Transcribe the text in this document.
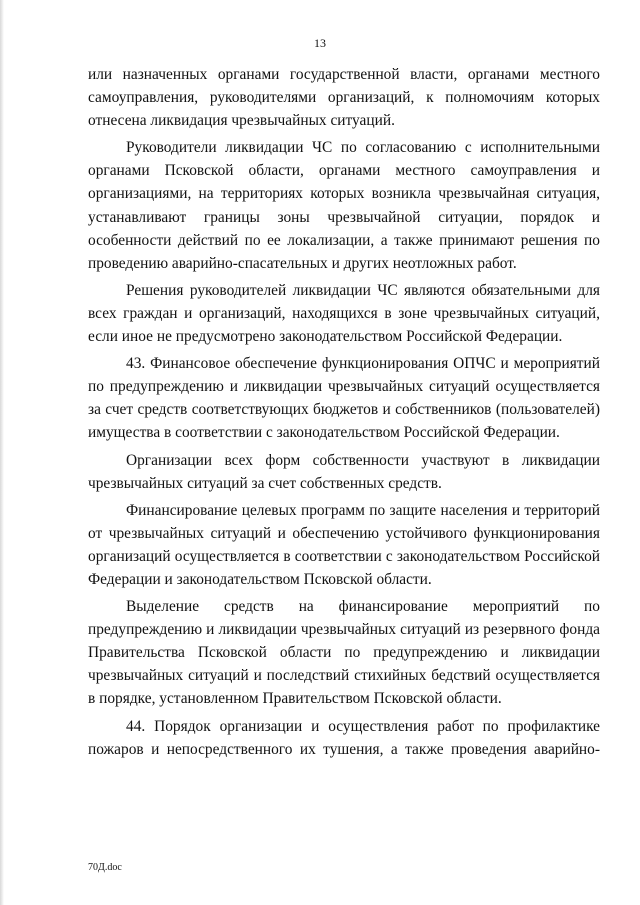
13

или назначенных органами государственной власти, органами местного самоуправления, руководителями организаций, к полномочиям которых отнесена ликвидация чрезвычайных ситуаций.

Руководители ликвидации ЧС по согласованию с исполнительными органами Псковской области, органами местного самоуправления и организациями, на территориях которых возникла чрезвычайная ситуация, устанавливают границы зоны чрезвычайной ситуации, порядок и особенности действий по ее локализации, а также принимают решения по проведению аварийно-спасательных и других неотложных работ.

Решения руководителей ликвидации ЧС являются обязательными для всех граждан и организаций, находящихся в зоне чрезвычайных ситуаций, если иное не предусмотрено законодательством Российской Федерации.

43. Финансовое обеспечение функционирования ОПЧС и мероприятий по предупреждению и ликвидации чрезвычайных ситуаций осуществляется за счет средств соответствующих бюджетов и собственников (пользователей) имущества в соответствии с законодательством Российской Федерации.

Организации всех форм собственности участвуют в ликвидации чрезвычайных ситуаций за счет собственных средств.

Финансирование целевых программ по защите населения и территорий от чрезвычайных ситуаций и обеспечению устойчивого функционирования организаций осуществляется в соответствии с законодательством Российской Федерации и законодательством Псковской области.

Выделение средств на финансирование мероприятий по предупреждению и ликвидации чрезвычайных ситуаций из резервного фонда Правительства Псковской области по предупреждению и ликвидации чрезвычайных ситуаций и последствий стихийных бедствий осуществляется в порядке, установленном Правительством Псковской области.

44. Порядок организации и осуществления работ по профилактике пожаров и непосредственного их тушения, а также проведения аварийно-

70Д.doc
